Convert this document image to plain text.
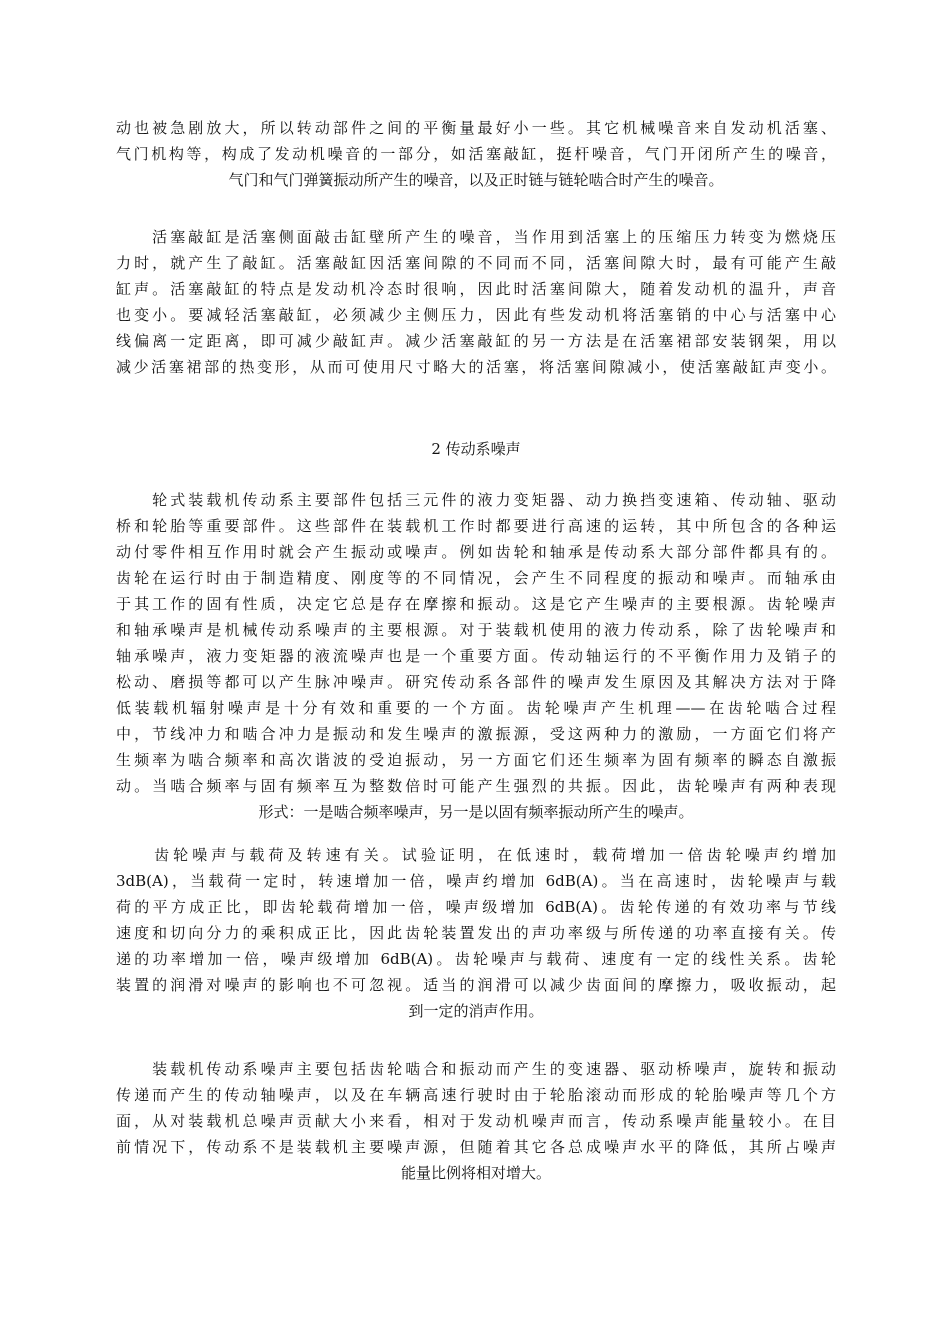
动也被急剧放大，所以转动部件之间的平衡量最好小一些。其它机械噪音来自发动机活塞、
气门机构等，构成了发动机噪音的一部分，如活塞敲缸，挺杆噪音，气门开闭所产生的噪音，
气门和气门弹簧振动所产生的噪音，以及正时链与链轮啮合时产生的噪音。
　　活塞敲缸是活塞侧面敲击缸壁所产生的噪音，当作用到活塞上的压缩压力转变为燃烧压
力时，就产生了敲缸。活塞敲缸因活塞间隙的不同而不同，活塞间隙大时，最有可能产生敲
缸声。活塞敲缸的特点是发动机冷态时很响，因此时活塞间隙大，随着发动机的温升，声音
也变小。要减轻活塞敲缸，必须减少主侧压力，因此有些发动机将活塞销的中心与活塞中心
线偏离一定距离，即可减少敲缸声。减少活塞敲缸的另一方法是在活塞裙部安装钢架，用以
减少活塞裙部的热变形，从而可使用尺寸略大的活塞，将活塞间隙减小，使活塞敲缸声变小。
2 传动系噪声
　　轮式装载机传动系主要部件包括三元件的液力变矩器、动力换挡变速箱、传动轴、驱动
桥和轮胎等重要部件。这些部件在装载机工作时都要进行高速的运转，其中所包含的各种运
动付零件相互作用时就会产生振动或噪声。例如齿轮和轴承是传动系大部分部件都具有的。
齿轮在运行时由于制造精度、刚度等的不同情况，会产生不同程度的振动和噪声。而轴承由
于其工作的固有性质，决定它总是存在摩擦和振动。这是它产生噪声的主要根源。齿轮噪声
和轴承噪声是机械传动系噪声的主要根源。对于装载机使用的液力传动系，除了齿轮噪声和
轴承噪声，液力变矩器的液流噪声也是一个重要方面。传动轴运行的不平衡作用力及销子的
松动、磨损等都可以产生脉冲噪声。研究传动系各部件的噪声发生原因及其解决方法对于降
低装载机辐射噪声是十分有效和重要的一个方面。齿轮噪声产生机理——在齿轮啮合过程
中，节线冲力和啮合冲力是振动和发生噪声的激振源，受这两种力的激励，一方面它们将产
生频率为啮合频率和高次谐波的受迫振动，另一方面它们还生频率为固有频率的瞬态自激振
动。当啮合频率与固有频率互为整数倍时可能产生强烈的共振。因此，齿轮噪声有两种表现
形式：一是啮合频率噪声，另一是以固有频率振动所产生的噪声。
　　齿轮噪声与载荷及转速有关。试验证明，在低速时，载荷增加一倍齿轮噪声约增加
3dB(A)，当载荷一定时，转速增加一倍，噪声约增加 6dB(A)。当在高速时，齿轮噪声与载
荷的平方成正比，即齿轮载荷增加一倍，噪声级增加 6dB(A)。齿轮传递的有效功率与节线
速度和切向分力的乘积成正比，因此齿轮装置发出的声功率级与所传递的功率直接有关。传
递的功率增加一倍，噪声级增加 6dB(A)。齿轮噪声与载荷、速度有一定的线性关系。齿轮
装置的润滑对噪声的影响也不可忽视。适当的润滑可以减少齿面间的摩擦力，吸收振动，起
到一定的消声作用。
　　装载机传动系噪声主要包括齿轮啮合和振动而产生的变速器、驱动桥噪声，旋转和振动
传递而产生的传动轴噪声，以及在车辆高速行驶时由于轮胎滚动而形成的轮胎噪声等几个方
面，从对装载机总噪声贡献大小来看，相对于发动机噪声而言，传动系噪声能量较小。在目
前情况下，传动系不是装载机主要噪声源，但随着其它各总成噪声水平的降低，其所占噪声
能量比例将相对增大。
